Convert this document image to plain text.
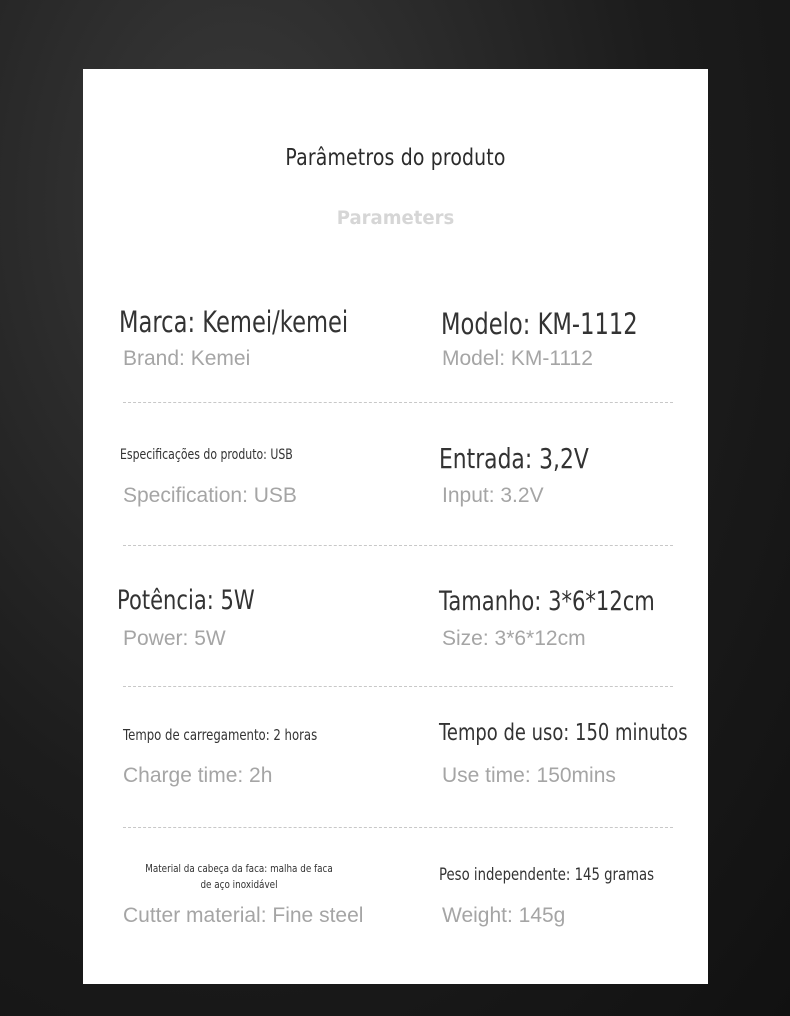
Parâmetros do produto
Parameters
Marca: Kemei/kemei
Brand: Kemei
Modelo: KM-1112
Model: KM-1112
Especificações do produto: USB
Specification: USB
Entrada: 3,2V
Input: 3.2V
Potência: 5W
Power: 5W
Tamanho: 3*6*12cm
Size: 3*6*12cm
Tempo de carregamento: 2 horas
Charge time: 2h
Tempo de uso: 150 minutos
Use time: 150mins
Material da cabeça da faca: malha de faca de aço inoxidável
Cutter material: Fine steel
Peso independente: 145 gramas
Weight: 145g
